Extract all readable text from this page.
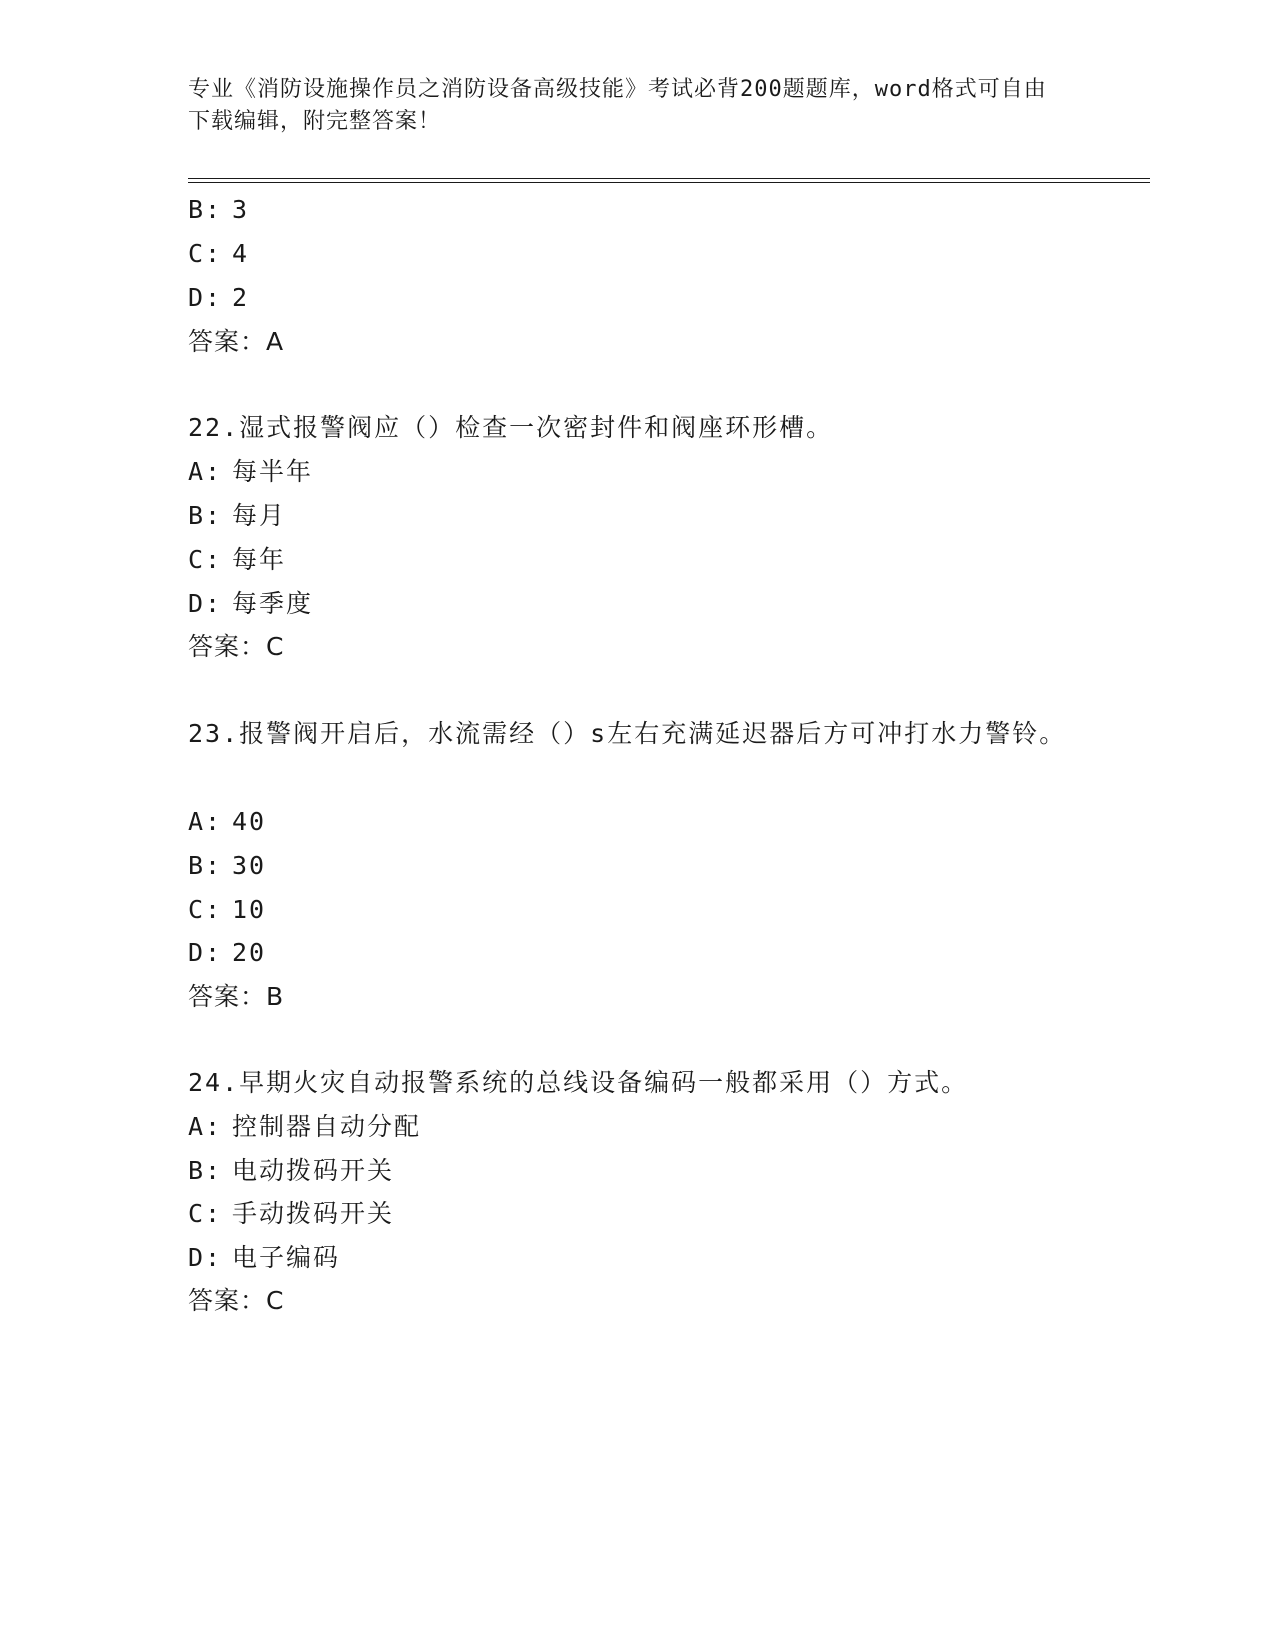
专业《消防设施操作员之消防设备高级技能》考试必背200题题库，word格式可自由下载编辑，附完整答案！
B: 3
C: 4
D: 2
答案：A
22.湿式报警阀应（）检查一次密封件和阀座环形槽。
A: 每半年
B: 每月
C: 每年
D: 每季度
答案：C
23.报警阀开启后，水流需经（）s左右充满延迟器后方可冲打水力警铃。
A: 40
B: 30
C: 10
D: 20
答案：B
24.早期火灾自动报警系统的总线设备编码一般都采用（）方式。
A: 控制器自动分配
B: 电动拨码开关
C: 手动拨码开关
D: 电子编码
答案：C
